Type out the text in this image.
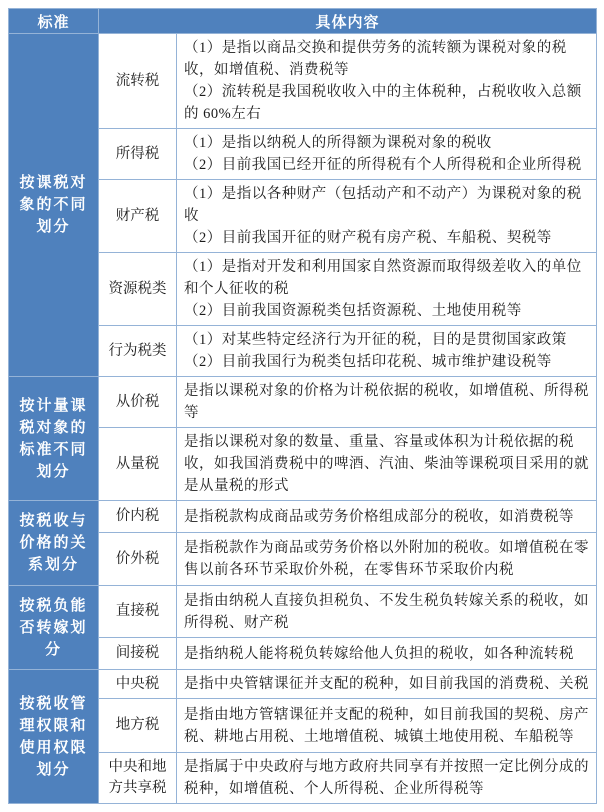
标准	具体内容	
按课税对象的不同划分	流转税	（1）是指以商品交换和提供劳务的流转额为课税对象的税收，如增值税、消费税等
（2）流转税是我国税收收入中的主体税种，占税收收入总额的 60%左右

	所得税	（1）是指以纳税人的所得额为课税对象的税收
（2）目前我国已经开征的所得税有个人所得税和企业所得税

	财产税	（1）是指以各种财产（包括动产和不动产）为课税对象的税收
（2）目前我国开征的财产税有房产税、车船税、契税等

	资源税类	（1）是指对开发和利用国家自然资源而取得级差收入的单位和个人征收的税
（2）目前我国资源税类包括资源税、土地使用税等

	行为税类	（1）对某些特定经济行为开征的税，目的是贯彻国家政策
（2）目前我国行为税类包括印花税、城市维护建设税等

按计量课税对象的标准不同划分	从价税	是指以课税对象的价格为计税依据的税收，如增值税、所得税等

	从量税	是指以课税对象的数量、重量、容量或体积为计税依据的税收，如我国消费税中的啤酒、汽油、柴油等课税项目采用的就是从量税的形式

按税收与价格的关系划分	价内税	是指税款构成商品或劳务价格组成部分的税收，如消费税等

	价外税	是指税款作为商品或劳务价格以外附加的税收。如增值税在零售以前各环节采取价外税，在零售环节采取价内税

按税负能否转嫁划分	直接税	是指由纳税人直接负担税负、不发生税负转嫁关系的税收，如所得税、财产税

	间接税	是指纳税人能将税负转嫁给他人负担的税收，如各种流转税

按税收管理权限和使用权限划分	中央税	是指中央管辖课征并支配的税种，如目前我国的消费税、关税

	地方税	是指由地方管辖课征并支配的税种，如目前我国的契税、房产税、耕地占用税、土地增值税、城镇土地使用税、车船税等

	中央和地方共享税	是指属于中央政府与地方政府共同享有并按照一定比例分成的税种，如增值税、个人所得税、企业所得税等
